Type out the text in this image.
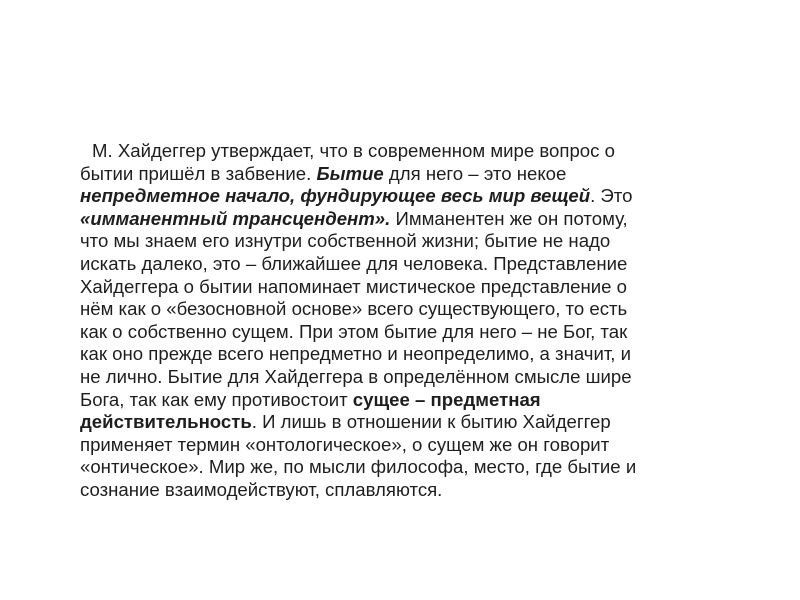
M. Хайдеггер утверждает, что в современном мире вопрос о
бытии пришёл в забвение. Бытие для него – это некое
непредметное начало, фундирующее весь мир вещей. Это
«имманентный трансцендент». Имманентен же он потому,
что мы знаем его изнутри собственной жизни; бытие не надо
искать далеко, это – ближайшее для человека. Представление
Хайдеггера о бытии напоминает мистическое представление о
нём как о «безосновной основе» всего существующего, то есть
как о собственно сущем. При этом бытие для него – не Бог, так
как оно прежде всего непредметно и неопределимо, а значит, и
не лично. Бытие для Хайдеггера в определённом смысле шире
Бога, так как ему противостоит сущее – предметная
действительность. И лишь в отношении к бытию Хайдеггер
применяет термин «онтологическое», о сущем же он говорит
«онтическое». Мир же, по мысли философа, место, где бытие и
сознание взаимодействуют, сплавляются.
